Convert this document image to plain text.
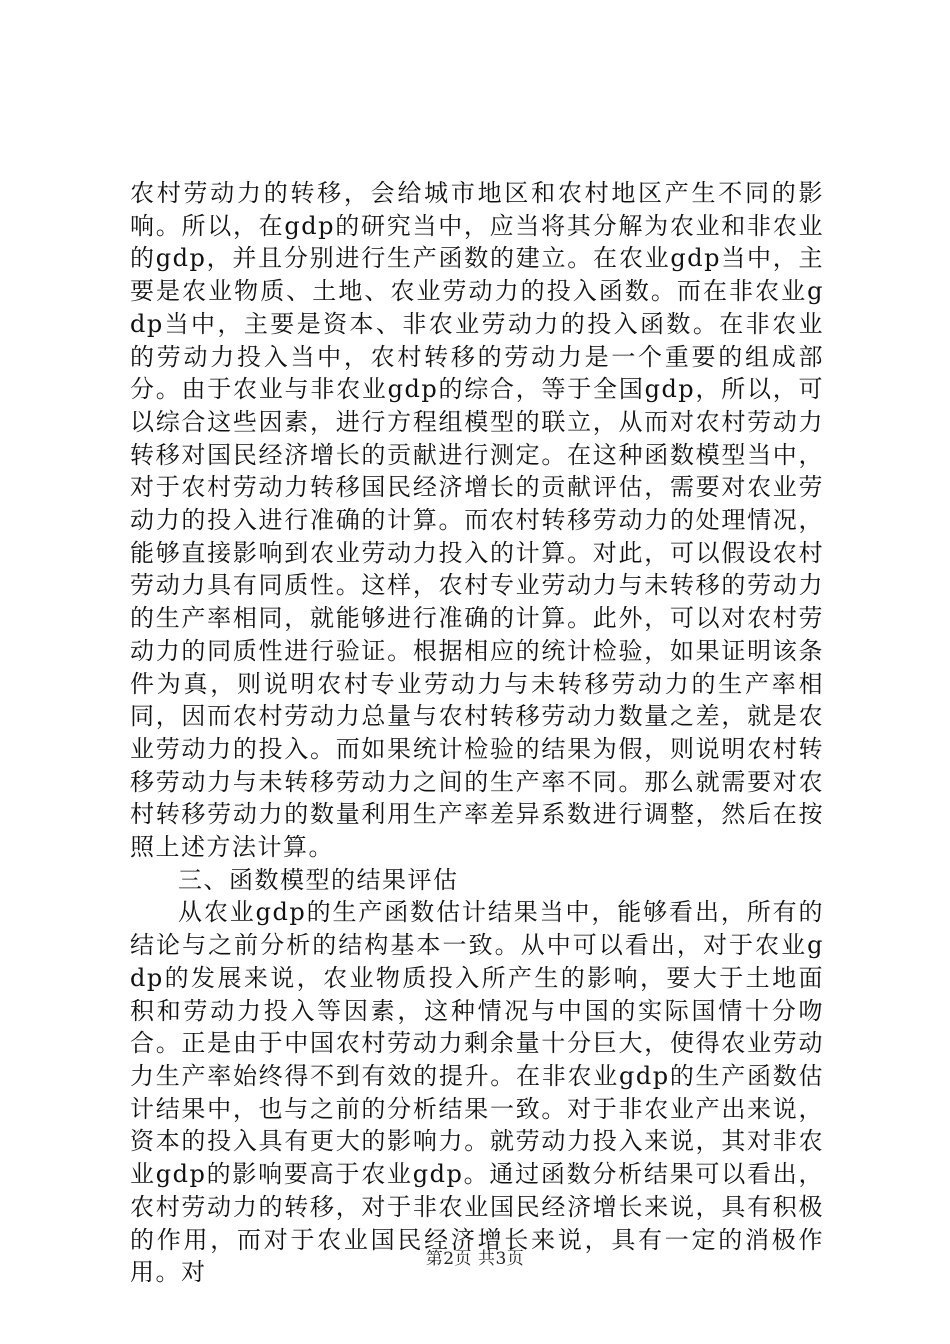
农村劳动力的转移，会给城市地区和农村地区产生不同的影响。所以，在gdp的研究当中，应当将其分解为农业和非农业的gdp，并且分别进行生产函数的建立。在农业gdp当中，主要是农业物质、土地、农业劳动力的投入函数。而在非农业gdp当中，主要是资本、非农业劳动力的投入函数。在非农业的劳动力投入当中，农村转移的劳动力是一个重要的组成部分。由于农业与非农业gdp的综合，等于全国gdp，所以，可以综合这些因素，进行方程组模型的联立，从而对农村劳动力转移对国民经济增长的贡献进行测定。在这种函数模型当中，对于农村劳动力转移国民经济增长的贡献评估，需要对农业劳动力的投入进行准确的计算。而农村转移劳动力的处理情况，能够直接影响到农业劳动力投入的计算。对此，可以假设农村劳动力具有同质性。这样，农村专业劳动力与未转移的劳动力的生产率相同，就能够进行准确的计算。此外，可以对农村劳动力的同质性进行验证。根据相应的统计检验，如果证明该条件为真，则说明农村专业劳动力与未转移劳动力的生产率相同，因而农村劳动力总量与农村转移劳动力数量之差，就是农业劳动力的投入。而如果统计检验的结果为假，则说明农村转移劳动力与未转移劳动力之间的生产率不同。那么就需要对农村转移劳动力的数量利用生产率差异系数进行调整，然后在按照上述方法计算。

三、函数模型的结果评估

从农业gdp的生产函数估计结果当中，能够看出，所有的结论与之前分析的结构基本一致。从中可以看出，对于农业gdp的发展来说，农业物质投入所产生的影响，要大于土地面积和劳动力投入等因素，这种情况与中国的实际国情十分吻合。正是由于中国农村劳动力剩余量十分巨大，使得农业劳动力生产率始终得不到有效的提升。在非农业gdp的生产函数估计结果中，也与之前的分析结果一致。对于非农业产出来说，资本的投入具有更大的影响力。就劳动力投入来说，其对非农业gdp的影响要高于农业gdp。通过函数分析结果可以看出，农村劳动力的转移，对于非农业国民经济增长来说，具有积极的作用，而对于农业国民经济增长来说，具有一定的消极作用。对	第2页 共3页
